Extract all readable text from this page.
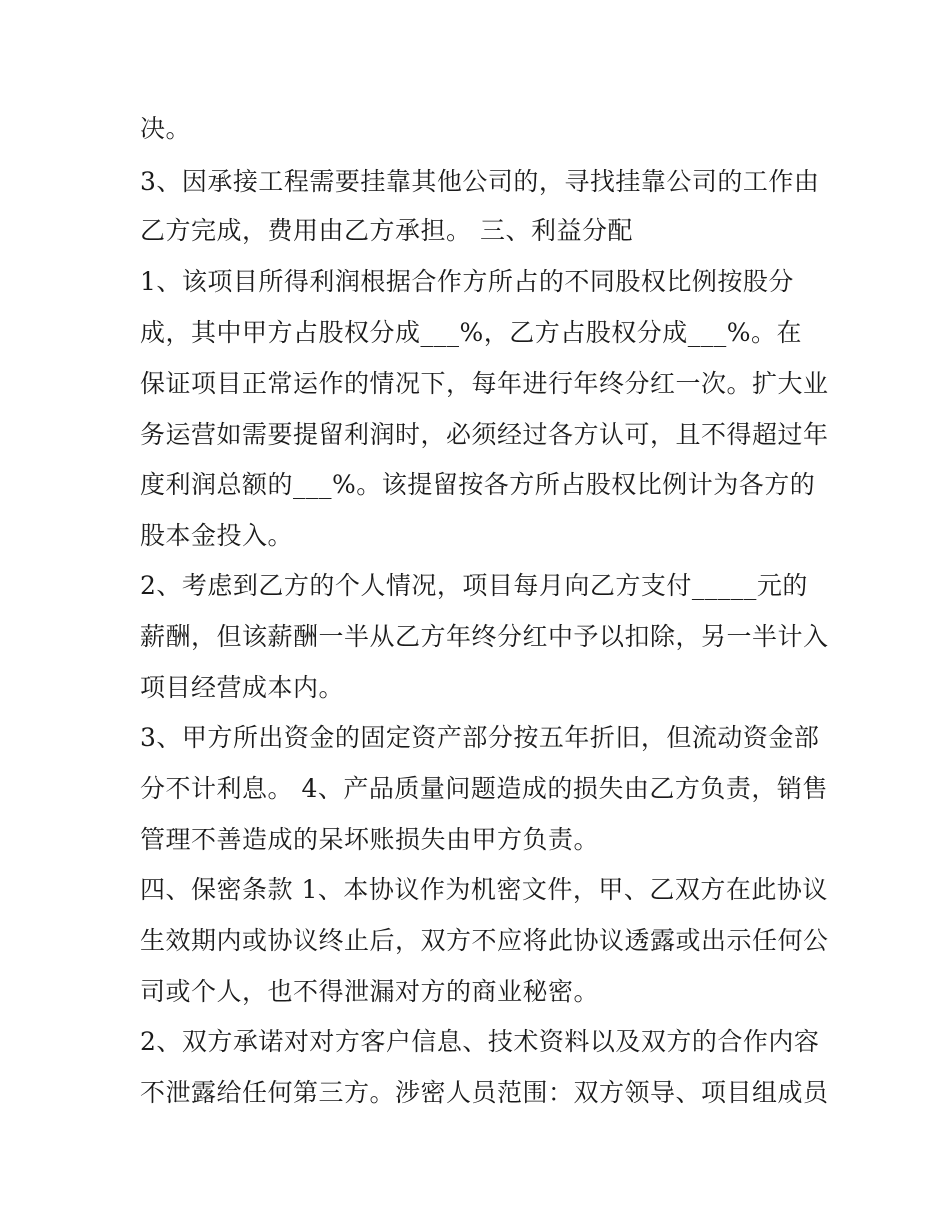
决。
3、因承接工程需要挂靠其他公司的，寻找挂靠公司的工作由
乙方完成，费用由乙方承担。 三、利益分配
1、该项目所得利润根据合作方所占的不同股权比例按股分
成，其中甲方占股权分成___%，乙方占股权分成___%。在
保证项目正常运作的情况下，每年进行年终分红一次。扩大业
务运营如需要提留利润时，必须经过各方认可，且不得超过年
度利润总额的___%。该提留按各方所占股权比例计为各方的
股本金投入。
2、考虑到乙方的个人情况，项目每月向乙方支付_____元的
薪酬，但该薪酬一半从乙方年终分红中予以扣除，另一半计入
项目经营成本内。
3、甲方所出资金的固定资产部分按五年折旧，但流动资金部
分不计利息。 4、产品质量问题造成的损失由乙方负责，销售
管理不善造成的呆坏账损失由甲方负责。
四、保密条款 1、本协议作为机密文件，甲、乙双方在此协议
生效期内或协议终止后，双方不应将此协议透露或出示任何公
司或个人，也不得泄漏对方的商业秘密。
2、双方承诺对对方客户信息、技术资料以及双方的合作内容
不泄露给任何第三方。涉密人员范围：双方领导、项目组成员
